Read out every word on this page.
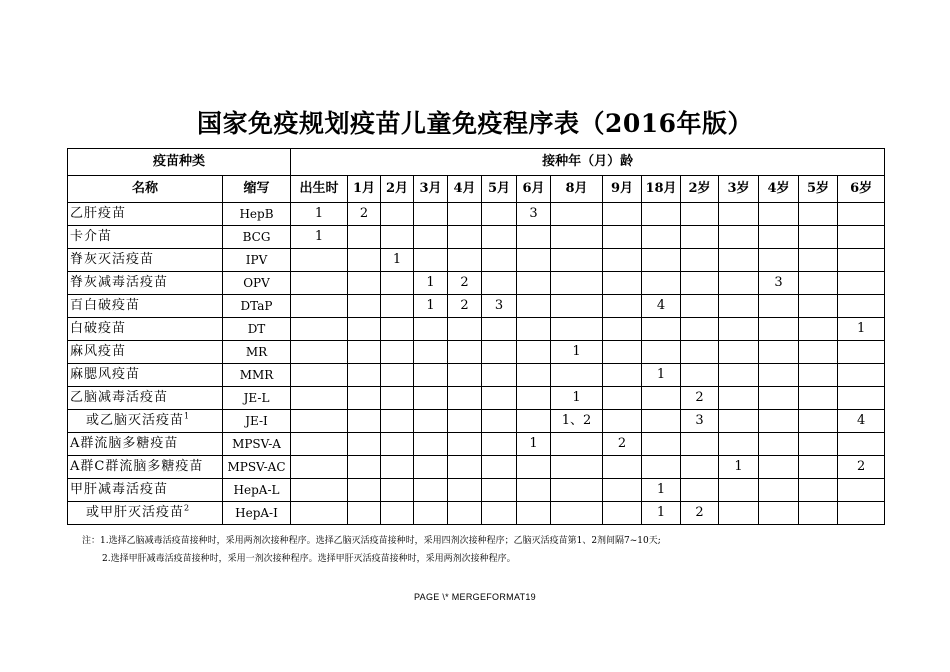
国家免疫规划疫苗儿童免疫程序表（2016年版）
疫苗种类		接种年（月）龄														
名称	缩写	出生时	1月	2月	3月	4月	5月	6月	8月	9月	18月	2岁	3岁	4岁	5岁	6岁
乙肝疫苗	HepB	1	2					3								
卡介苗	BCG	1														
脊灰灭活疫苗	IPV			1												
脊灰减毒活疫苗	OPV				1	2								3		
百白破疫苗	DTaP				1	2	3				4					
白破疫苗	DT															1
麻风疫苗	MR								1							
麻腮风疫苗	MMR										1					
乙脑减毒活疫苗	JE-L								1			2				
或乙脑灭活疫苗$^1$	JE-I								1、2			3				4
A群流脑多糖疫苗	MPSV-A							1		2						
A群C群流脑多糖疫苗	MPSV-AC												1			2
甲肝减毒活疫苗	HepA-L										1					
或甲肝灭活疫苗$^2$	HepA-I										1	2				
注：1.选择乙脑减毒活疫苗接种时，采用两剂次接种程序。选择乙脑灭活疫苗接种时，采用四剂次接种程序；乙脑灭活疫苗第1、2剂间隔7~10天;
2.选择甲肝减毒活疫苗接种时，采用一剂次接种程序。选择甲肝灭活疫苗接种时，采用两剂次接种程序。
PAGE \* MERGEFORMAT19
